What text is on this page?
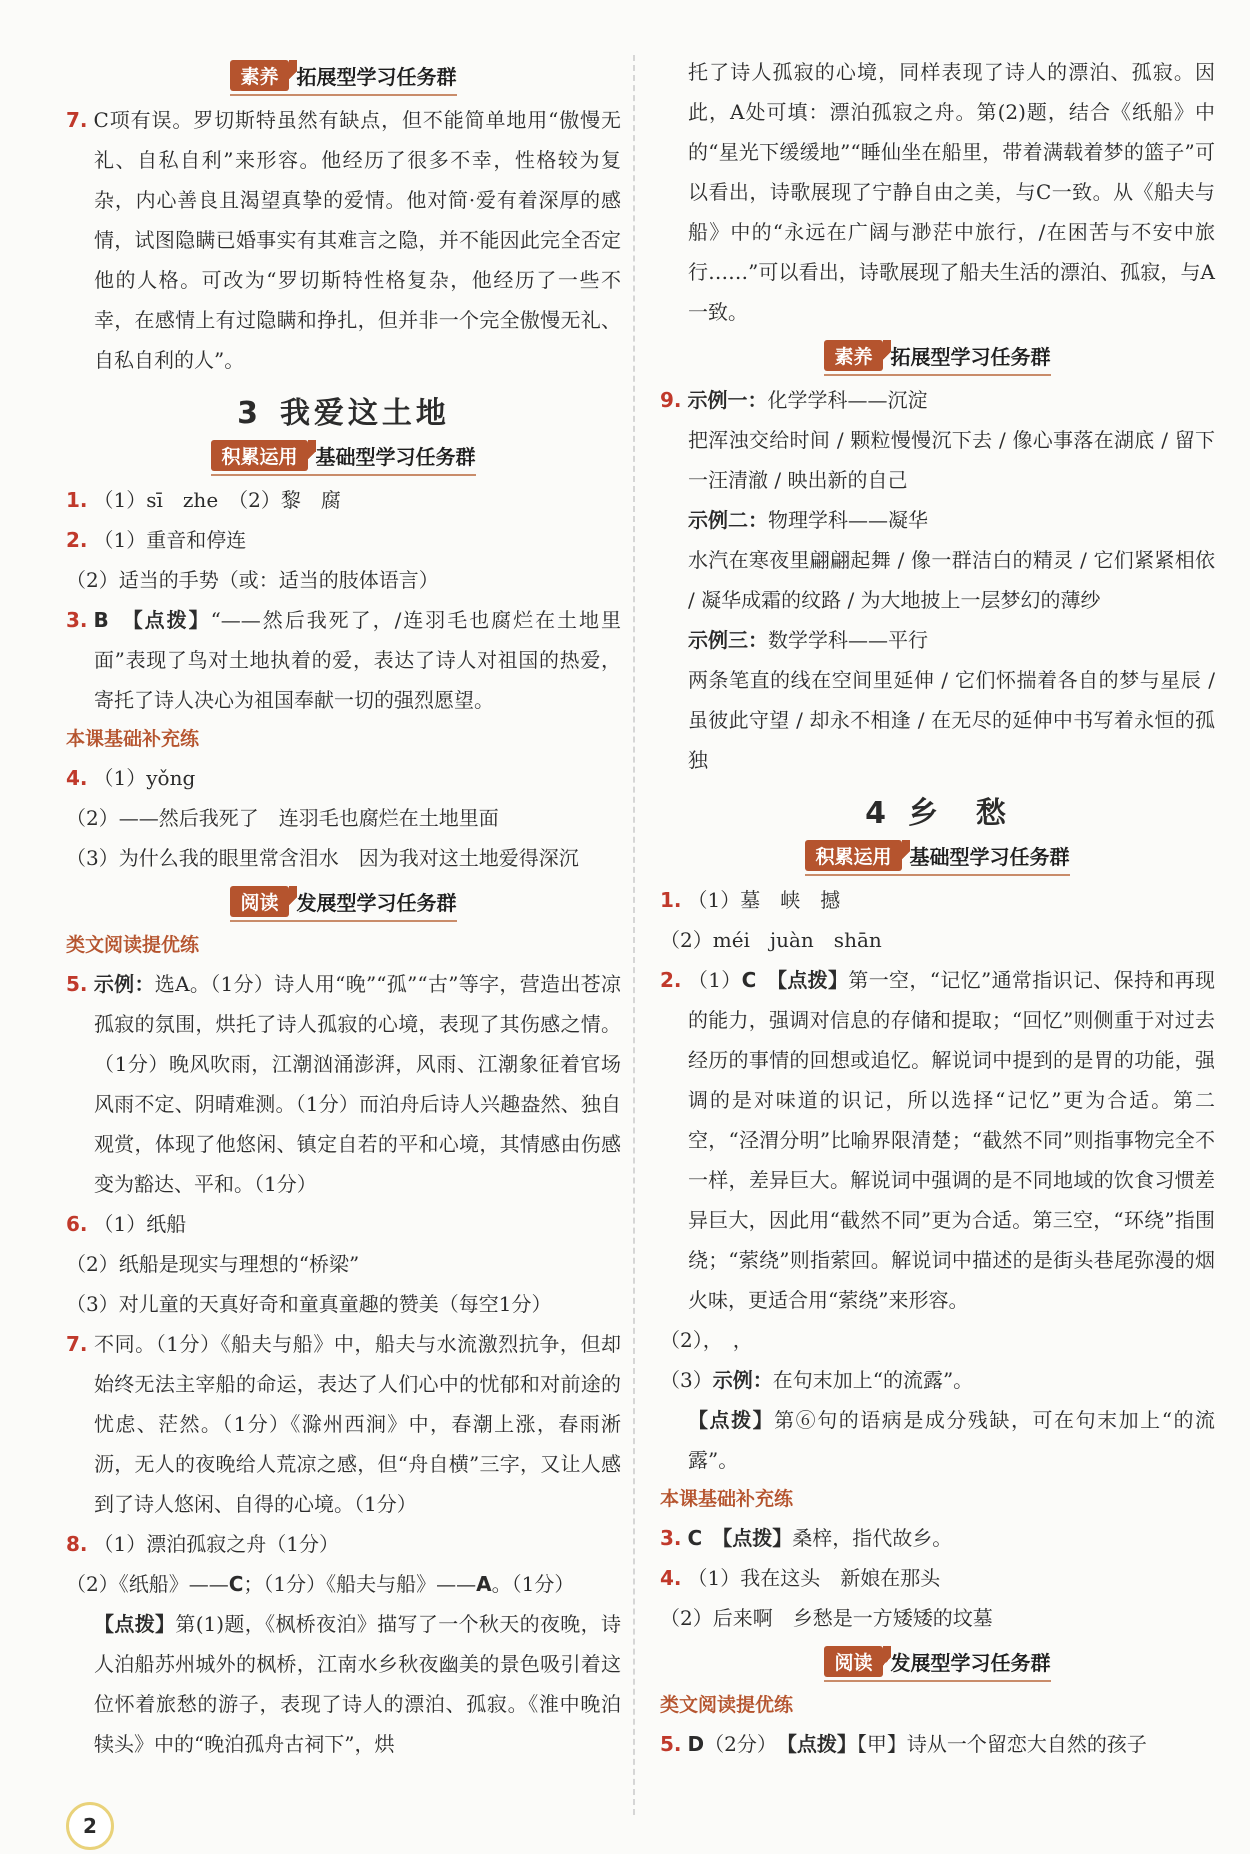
素养 拓展型学习任务群

7. C项有误。罗切斯特虽然有缺点，但不能简单地用“傲慢无礼、自私自利”来形容。他经历了很多不幸，性格较为复杂，内心善良且渴望真挚的爱情。他对简·爱有着深厚的感情，试图隐瞒已婚事实有其难言之隐，并不能因此完全否定他的人格。可改为“罗切斯特性格复杂，他经历了一些不幸，在感情上有过隐瞒和挣扎，但并非一个完全傲慢无礼、自私自利的人”。

3 我爱这土地
积累运用 基础型学习任务群

1. （1）sī　zhe　（2）黎　腐

2. （1）重音和停连

（2）适当的手势（或：适当的肢体语言）

3. B　 【点拨】“——然后我死了，/连羽毛也腐烂在土地里面”表现了鸟对土地执着的爱，表达了诗人对祖国的热爱，寄托了诗人决心为祖国奉献一切的强烈愿望。

本课基础补充练

4. （1）yǒng

（2）——然后我死了　连羽毛也腐烂在土地里面

（3）为什么我的眼里常含泪水　因为我对这土地爱得深沉

阅读 发展型学习任务群

类文阅读提优练

5. 示例：选A。（1分）诗人用“晚”“孤”“古”等字，营造出苍凉孤寂的氛围，烘托了诗人孤寂的心境，表现了其伤感之情。（1分）晚风吹雨，江潮汹涌澎湃，风雨、江潮象征着官场风雨不定、阴晴难测。（1分）而泊舟后诗人兴趣盎然、独自观赏，体现了他悠闲、镇定自若的平和心境，其情感由伤感变为豁达、平和。（1分）

6. （1）纸船

（2）纸船是现实与理想的“桥梁”

（3）对儿童的天真好奇和童真童趣的赞美（每空1分）

7. 不同。（1分）《船夫与船》中，船夫与水流激烈抗争，但却始终无法主宰船的命运，表达了人们心中的忧郁和对前途的忧虑、茫然。（1分）《滁州西涧》中，春潮上涨，春雨淅沥，无人的夜晚给人荒凉之感，但“舟自横”三字，又让人感到了诗人悠闲、自得的心境。（1分）

8. （1）漂泊孤寂之舟（1分）

（2）《纸船》——C；（1分）《船夫与船》——A。（1分）

【点拨】第(1)题，《枫桥夜泊》描写了一个秋天的夜晚，诗人泊船苏州城外的枫桥，江南水乡秋夜幽美的景色吸引着这位怀着旅愁的游子，表现了诗人的漂泊、孤寂。《淮中晚泊犊头》中的“晚泊孤舟古祠下”，烘

托了诗人孤寂的心境，同样表现了诗人的漂泊、孤寂。因此，A处可填：漂泊孤寂之舟。第(2)题，结合《纸船》中的“星光下缓缓地”“睡仙坐在船里，带着满载着梦的篮子”可以看出，诗歌展现了宁静自由之美，与C一致。从《船夫与船》中的“永远在广阔与渺茫中旅行，/在困苦与不安中旅行……”可以看出，诗歌展现了船夫生活的漂泊、孤寂，与A一致。

素养 拓展型学习任务群

9. 示例一：化学学科——沉淀

把浑浊交给时间 / 颗粒慢慢沉下去 / 像心事落在湖底 / 留下一汪清澈 / 映出新的自己

示例二：物理学科——凝华

水汽在寒夜里翩翩起舞 / 像一群洁白的精灵 / 它们紧紧相依 / 凝华成霜的纹路 / 为大地披上一层梦幻的薄纱

示例三：数学学科——平行

两条笔直的线在空间里延伸 / 它们怀揣着各自的梦与星辰 / 虽彼此守望 / 却永不相逢 / 在无尽的延伸中书写着永恒的孤独

4 乡　愁
积累运用 基础型学习任务群

1. （1）墓　峡　撼

（2）méi　juàn　shān

2. （1）C　 【点拨】第一空，“记忆”通常指识记、保持和再现的能力，强调对信息的存储和提取；“回忆”则侧重于对过去经历的事情的回想或追忆。解说词中提到的是胃的功能，强调的是对味道的识记，所以选择“记忆”更为合适。第二空，“泾渭分明”比喻界限清楚；“截然不同”则指事物完全不一样，差异巨大。解说词中强调的是不同地域的饮食习惯差异巨大，因此用“截然不同”更为合适。第三空，“环绕”指围绕；“萦绕”则指萦回。解说词中描述的是街头巷尾弥漫的烟火味，更适合用“萦绕”来形容。

（2），　，

（3）示例：在句末加上“的流露”。

【点拨】第⑥句的语病是成分残缺，可在句末加上“的流露”。

本课基础补充练

3. C　 【点拨】桑梓，指代故乡。

4. （1）我在这头　新娘在那头

（2）后来啊　乡愁是一方矮矮的坟墓

阅读 发展型学习任务群

类文阅读提优练

5. D（2分）　 【点拨】【甲】诗从一个留恋大自然的孩子

2
